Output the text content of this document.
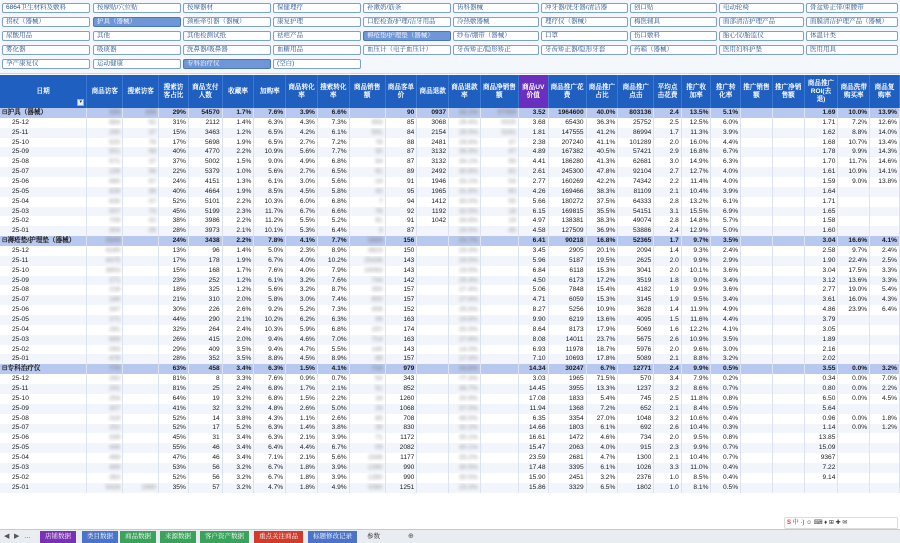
6864卫生材料及敷料	按摩贴/穴位贴	按摩器材	保健理疗	补漱奶/筋条	齿科器械	冲牙器/洗牙器/清洁器	创口贴	电动轮椅	骨盆矫正带/束腰带
拐杖（器械）	护具（器械）	颈椎牵引器（器械）	康复护理	口腔检查/护理/洁牙用品	冷热敷器械	理疗仪（器械）	梅医辅具	面部清洁护理产品	面膜清洁护理产品（器械）
尿酸用品	其他	其他检测试纸	祛疤产品	褥疮垫/护理垫（器械）	纱布/绷带（器械）	口罩	伤口敷料	胎心仪/胎监仪	体温计类
雾化器	吸痰器	洗鼻器/吸鼻器	血糖用品	血压计（电子血压计）	牙齿矫正/隐形矫正	牙齿矫正器/隐形牙套	药箱（器械）	医用妇科护垫	医用用具
孕产康复仪	运动健康	专科治疗仪	(空白)
日期
▾	商品访客	搜索访客	搜索访客占比	商品支付人数	收藏率	加购率	商品转化率	搜索转化率	商品销售额	商品客单价	商品退款	商品退款率	商品净销售额	商品UV价值	商品推广花费	商品推广占比	商品推广点击	平均点击花费	推广收加率	推广转化率	推广销售额	推广净销售额	商品推广ROI(去退)	商品洗带购买率	商品复购率
⊟护具（器械）	306	306	29%	54570	1.7%	7.6%	3.9%	6.6%		90	0937	32.1%	07359	3.52	1964600	40.0%	803136	2.4	13.5%	5.1%			1.69	10.0%	13.9%
25-12	884	92	31%	2112	1.4%	6.3%	4.3%	7.3%	993	85	3068	29.4%	0025	3.68	65430	36.3%	25752	2.5	12.5%	6.0%			1.71	7.2%	12.6%
25-11	290	37	15%	3463	1.2%	6.5%	4.2%	6.1%	591	84	2154	29.5%	3191	1.81	147555	41.2%	86994	1.7	11.3%	3.9%			1.62	8.8%	14.0%
25-10	520	76	17%	5698	1.9%	6.5%	2.7%	7.2%	78	88	2481	29.6%	37	2.38	207240	41.1%	101289	2.0	16.0%	4.4%			1.68	10.7%	13.4%
25-09	501	98	40%	4770	2.2%	10.9%	5.6%	7.7%	30	87	3132	36.9%	47	4.89	167382	40.5%	57421	2.9	16.8%	6.7%			1.78	9.9%	14.3%
25-08	571	37	37%	5002	1.5%	9.0%	4.9%	6.8%	54	87	3132	34.1%	99	4.41	186280	41.3%	62681	3.0	14.9%	6.3%			1.70	11.7%	14.6%
25-07	236	56	22%	5379	1.0%	5.6%	2.7%	6.5%	91	89	2492	30.8%	82	2.61	245300	47.8%	92104	2.7	12.7%	4.0%			1.61	10.9%	14.1%
25-06	680	67	24%	4151	1.3%	6.1%	3.0%	5.6%	24	91	1946	33.1%	54	2.77	160269	42.2%	74342	2.2	11.4%	4.0%			1.59	9.0%	13.8%
25-05	839	86	40%	4664	1.9%	8.5%	4.5%	5.8%	43	95	1965	31.6%	80	4.26	169466	38.3%	81109	2.1	10.4%	3.9%			1.64		
25-04	835	07	52%	5101	2.2%	10.3%	6.0%	6.8%	7	94	1412	30.0%	55	5.66	180272	37.5%	64333	2.8	13.2%	6.1%			1.71		
25-03	007	73	45%	5199	2.3%	11.7%	6.7%	6.6%	76	92	1192	32.5%	18	6.15	169815	35.5%	54151	3.1	15.5%	6.9%			1.65		
25-02	709	02	38%	3986	2.2%	11.2%	5.5%	5.2%	91	91	1042	34.6%	19	4.97	138381	38.3%	49074	2.8	14.8%	5.7%			1.58		
25-01	304	05	28%	3973	2.1%	10.1%	5.3%	6.4%	3	87		29.5%	45	4.58	127509	36.9%	53886	2.4	12.9%	5.0%			1.60		
⊟褥疮垫/护理垫（器械）	3566		24%	3438	2.2%	7.8%	4.1%	7.7%	3869	156		23.7%		6.41	90218	16.8%	52365	1.7	9.7%	3.5%			3.04	16.6%	4.1%
25-12	4185		13%	96	1.4%	5.0%	2.3%	8.9%	3823	150		23.3%		3.45	2905	20.1%	2094	1.4	9.3%	2.4%			2.58	9.7%	2.4%
25-11	4475		17%	178	1.9%	6.7%	4.0%	10.2%	25436	143		24.5%		5.96	5187	19.5%	2625	2.0	9.9%	2.9%			1.90	22.4%	2.5%
25-10	3653		15%	168	1.7%	7.6%	4.0%	7.9%	24063	143		19.5%		6.84	6118	15.3%	3041	2.0	10.1%	3.6%			3.04	17.5%	3.3%
25-09	271		23%	252	1.2%	6.1%	3.2%	7.6%	744	142		29.4%		4.50	6173	17.2%	3519	1.8	9.0%	3.4%			3.12	13.6%	3.3%
25-08	216		18%	325	1.2%	5.6%	3.2%	8.7%	350	157		27.4%		5.06	7848	15.4%	4182	1.9	9.9%	3.6%			2.77	19.0%	5.4%
25-07	188		21%	310	2.0%	5.8%	3.0%	7.4%	800	157		27.6%		4.71	6059	15.3%	3145	1.9	9.5%	3.4%			3.61	16.0%	4.3%
25-06	347		30%	226	2.6%	9.2%	5.2%	7.3%	408	152		25.5%		8.27	5256	10.9%	3628	1.4	11.9%	4.9%			4.86	23.9%	6.4%
25-05	171		44%	290	2.1%	10.2%	6.2%	6.3%	06	163		19.8%		9.90	6219	13.6%	4095	1.5	11.6%	4.4%			3.79		
25-04	281		32%	264	2.4%	10.3%	5.9%	6.8%	157	174		33.3%		8.64	8173	17.9%	5069	1.6	12.2%	4.1%			3.05		
25-03	689		26%	415	2.0%	9.4%	4.6%	7.0%	714	163		27.8%		8.08	14011	23.7%	5675	2.6	10.9%	3.5%			1.89		
25-02	093		29%	409	3.5%	9.4%	4.7%	5.5%	140	143		14.3%		6.93	11978	18.7%	5976	2.0	9.6%	3.0%			2.16		
25-01	478		28%	352	3.5%	8.8%	4.5%	8.9%	88	157		17.4%		7.10	10693	17.8%	5089	2.1	8.8%	3.2%			2.02		
⊟专科治疗仪	770		63%	458	3.4%	6.3%	1.5%	4.1%	710	979		34.6%		14.34	30247	6.7%	12771	2.4	9.9%	0.5%			3.55	0.0%	3.2%
25-12	262		81%	8	3.3%	7.6%	0.9%	0.7%	54	343		77.3%		3.03	1965	71.5%	570	3.4	7.9%	0.2%			0.34	0.0%	7.0%
25-11	291		81%	25	2.4%	6.8%	1.7%	2.1%	51	852		46.7%		14.45	3955	13.3%	1237	3.2	8.6%	0.7%			0.80	0.0%	2.2%
25-10	254		64%	19	3.2%	6.8%	1.5%	2.2%	18	1260		20.9%		17.08	1833	5.4%	745	2.5	11.8%	0.8%			6.50	0.0%	4.5%
25-09	307		41%	32	3.2%	4.8%	2.6%	5.0%	29	1068		37.0%		11.94	1368	7.2%	652	2.1	8.4%	0.5%			5.64		
25-08	318		52%	14	3.8%	4.3%	1.1%	2.6%	65	708		48.5%		6.35	3354	27.0%	1048	3.2	10.6%	0.4%			0.96	0.0%	1.8%
25-07	252		52%	17	5.2%	6.3%	1.4%	3.8%	36	830		32.2%		14.66	1803	6.1%	692	2.6	10.4%	0.3%			1.14	0.0%	1.2%
25-06	339		45%	31	3.4%	6.3%	2.1%	3.9%	71	1172		30.1%		16.61	1472	4.6%	734	2.0	9.5%	0.8%			13.85		
25-05	446		55%	46	3.4%	6.4%	4.4%	6.7%	09	2082		40.1%		15.47	2063	4.0%	915	2.3	9.9%	0.7%			15.09		
25-04	468		47%	46	3.4%	7.1%	2.1%	5.6%	1546	1177		33.2%		23.59	2681	4.7%	1300	2.1	10.4%	0.7%			9367		
25-03	469		53%	56	3.2%	6.7%	1.8%	3.9%	1390	990		30.5%		17.48	3395	6.1%	1026	3.3	11.0%	0.4%			7.22		
25-02	363		52%	56	3.2%	6.7%	1.8%	3.9%	1390	990		30.5%		15.90	2451	3.2%	2376	1.0	8.5%	0.4%			9.14		
25-01	5426	1880	35%	57	3.2%	4.7%	1.8%	4.9%	3380	1251		23.3%		15.86	3329	6.5%	1802	1.0	8.1%	0.5%					
S 中 ·) ☺ ⌨ ♦ ⊞ ✚ ✉
◀ ▶ …	店铺数据	类目数据	商品数据	来源数据	客户资产数据	重点关注商品	标题修改记录	参数	⊕
